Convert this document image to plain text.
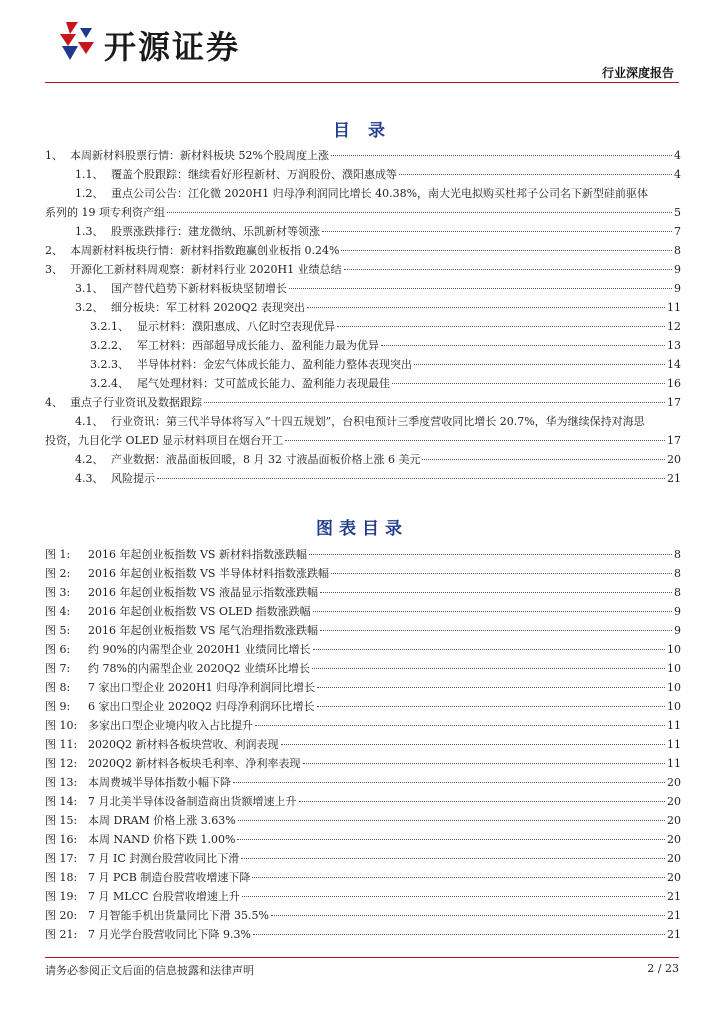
开源证券
行业深度报告
目 录
1、 本周新材料股票行情：新材料板块 52%个股周度上涨	4
1.1、 覆盖个股跟踪：继续看好形程新材、万润股份、濮阳惠成等	4
1.2、 重点公司公告：江化微 2020H1 归母净利润同比增长 40.38%，南大光电拟购买杜邦子公司名下新型硅前驱体
系列的 19 项专利资产组	5
1.3、 股票涨跌排行：建龙微纳、乐凯新材等领涨	7
2、 本周新材料板块行情：新材料指数跑赢创业板指 0.24%	8
3、 开源化工新材料周观察：新材料行业 2020H1 业绩总结	9
3.1、 国产替代趋势下新材料板块坚韧增长	9
3.2、 细分板块：军工材料 2020Q2 表现突出	11
3.2.1、 显示材料：濮阳惠成、八亿时空表现优异	12
3.2.2、 军工材料：西部超导成长能力、盈利能力最为优异	13
3.2.3、 半导体材料：金宏气体成长能力、盈利能力整体表现突出	14
3.2.4、 尾气处理材料：艾可蓝成长能力、盈利能力表现最佳	16
4、 重点子行业资讯及数据跟踪	17
4.1、 行业资讯：第三代半导体将写入“十四五规划”，台积电预计三季度营收同比增长 20.7%，华为继续保持对海思
投资，九目化学 OLED 显示材料项目在烟台开工	17
4.2、 产业数据：液晶面板回暖，8 月 32 寸液晶面板价格上涨 6 美元	20
4.3、 风险提示	21
图表目录
图 1:	2016 年起创业板指数 VS 新材料指数涨跌幅	8
图 2:	2016 年起创业板指数 VS 半导体材料指数涨跌幅	8
图 3:	2016 年起创业板指数 VS 液晶显示指数涨跌幅	8
图 4:	2016 年起创业板指数 VS OLED 指数涨跌幅	9
图 5:	2016 年起创业板指数 VS 尾气治理指数涨跌幅	9
图 6:	约 90%的内需型企业 2020H1 业绩同比增长	10
图 7:	约 78%的内需型企业 2020Q2 业绩环比增长	10
图 8:	7 家出口型企业 2020H1 归母净利润同比增长	10
图 9:	6 家出口型企业 2020Q2 归母净利润环比增长	10
图 10: 多家出口型企业境内收入占比提升	11
图 11: 2020Q2 新材料各板块营收、利润表现	11
图 12: 2020Q2 新材料各板块毛利率、净利率表现	11
图 13: 本周费城半导体指数小幅下降	20
图 14: 7 月北美半导体设备制造商出货额增速上升	20
图 15: 本周 DRAM 价格上涨 3.63%	20
图 16: 本周 NAND 价格下跌 1.00%	20
图 17: 7 月 IC 封测台股营收同比下滑	20
图 18: 7 月 PCB 制造台股营收增速下降	20
图 19: 7 月 MLCC 台股营收增速上升	21
图 20: 7 月智能手机出货量同比下滑 35.5%	21
图 21: 7 月光学台股营收同比下降 9.3%	21
请务必参阅正文后面的信息披露和法律声明	2 / 23
